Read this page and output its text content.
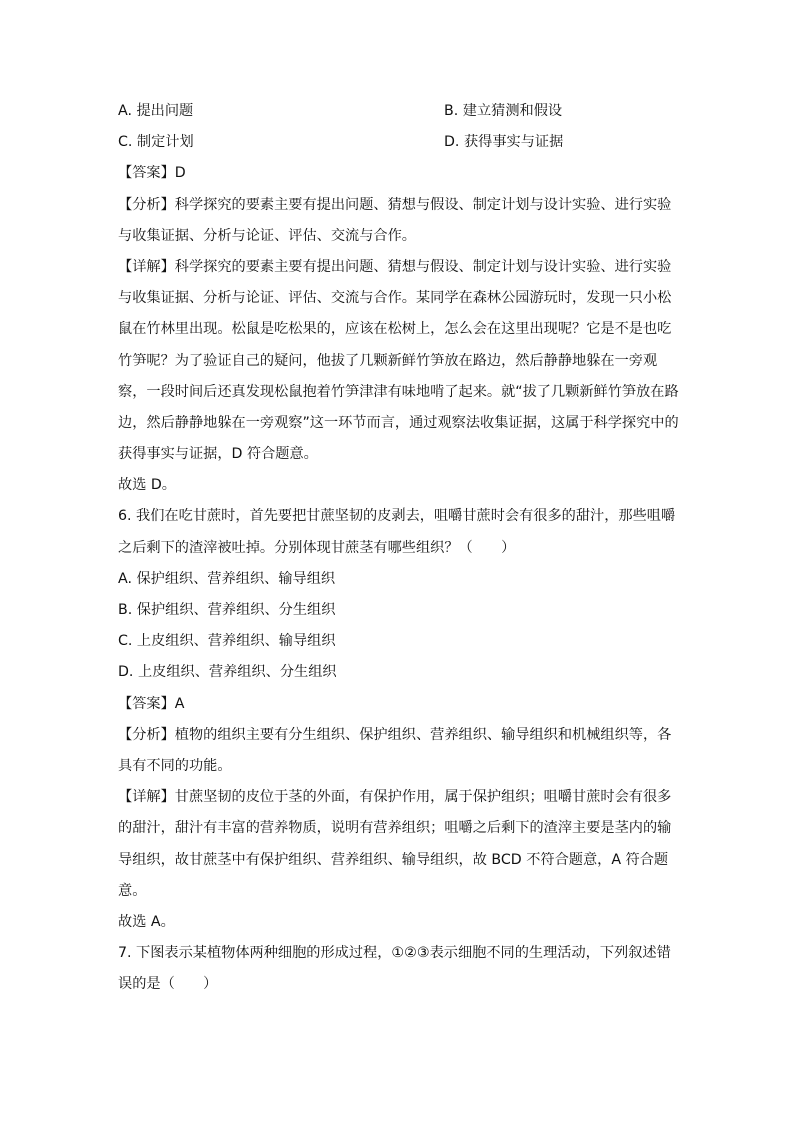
A. 提出问题	B. 建立猜测和假设
C. 制定计划	D. 获得事实与证据
【答案】D
【分析】科学探究的要素主要有提出问题、猜想与假设、制定计划与设计实验、进行实验
与收集证据、分析与论证、评估、交流与合作。
【详解】科学探究的要素主要有提出问题、猜想与假设、制定计划与设计实验、进行实验
与收集证据、分析与论证、评估、交流与合作。某同学在森林公园游玩时，发现一只小松
鼠在竹林里出现。松鼠是吃松果的，应该在松树上，怎么会在这里出现呢？它是不是也吃
竹笋呢？为了验证自己的疑问，他拔了几颗新鲜竹笋放在路边，然后静静地躲在一旁观
察，一段时间后还真发现松鼠抱着竹笋津津有味地啃了起来。就“拔了几颗新鲜竹笋放在路
边，然后静静地躲在一旁观察”这一环节而言，通过观察法收集证据，这属于科学探究中的
获得事实与证据，D 符合题意。
故选 D。
6. 我们在吃甘蔗时，首先要把甘蔗坚韧的皮剥去，咀嚼甘蔗时会有很多的甜汁，那些咀嚼
之后剩下的渣滓被吐掉。分别体现甘蔗茎有哪些组织？（　　）
A. 保护组织、营养组织、输导组织
B. 保护组织、营养组织、分生组织
C. 上皮组织、营养组织、输导组织
D. 上皮组织、营养组织、分生组织
【答案】A
【分析】植物的组织主要有分生组织、保护组织、营养组织、输导组织和机械组织等，各
具有不同的功能。
【详解】甘蔗坚韧的皮位于茎的外面，有保护作用，属于保护组织；咀嚼甘蔗时会有很多
的甜汁，甜汁有丰富的营养物质，说明有营养组织；咀嚼之后剩下的渣滓主要是茎内的输
导组织，故甘蔗茎中有保护组织、营养组织、输导组织，故 BCD 不符合题意，A 符合题
意。
故选 A。
7. 下图表示某植物体两种细胞的形成过程，①②③表示细胞不同的生理活动，下列叙述错
误的是（　　）
